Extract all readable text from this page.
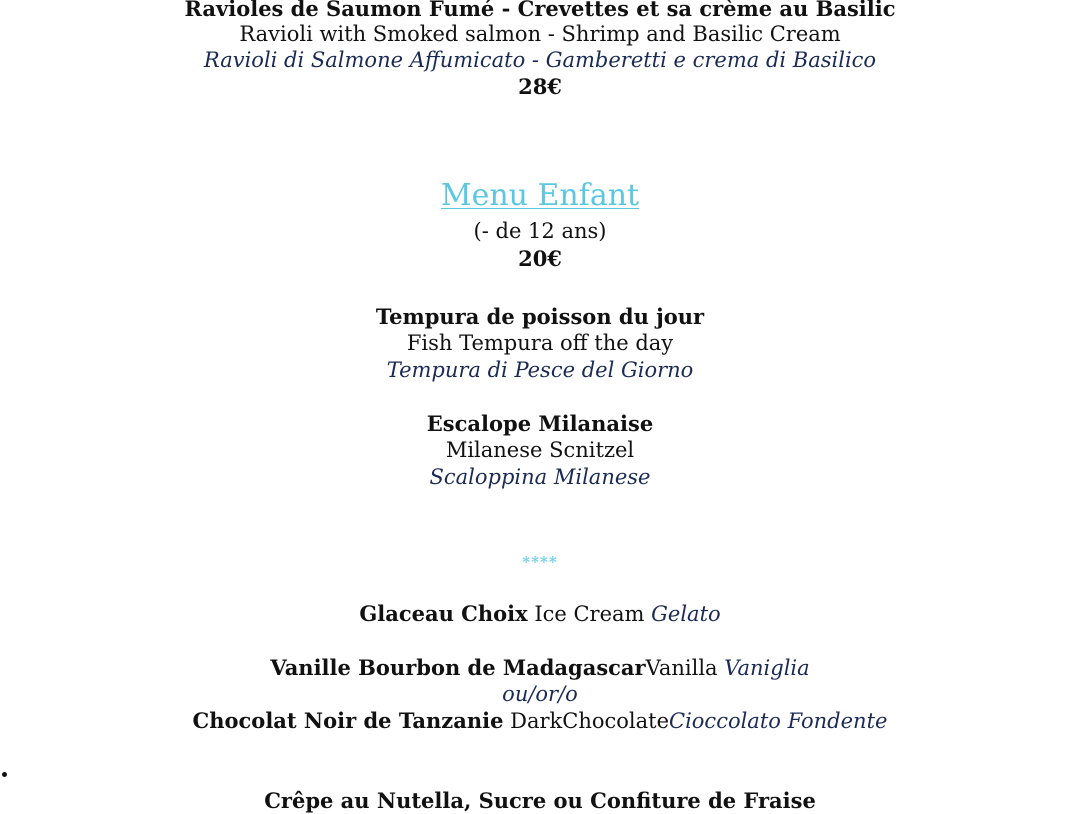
Ravioles de Saumon Fumé - Crevettes et sa crème au Basilic
Ravioli with Smoked salmon - Shrimp and Basilic Cream
Ravioli di Salmone Affumicato - Gamberetti e crema di Basilico
28€
Menu Enfant
(- de 12 ans)
20€
Tempura de poisson du jour
Fish Tempura off the day
Tempura di Pesce del Giorno
Escalope Milanaise
Milanese Scnitzel
Scaloppina Milanese
****
Glaceau Choix Ice Cream Gelato
Vanille Bourbon de MadagascarVanilla Vaniglia
ou/or/o
Chocolat Noir de Tanzanie DarkChocolateCioccolato Fondente
Crêpe au Nutella, Sucre ou Confiture de Fraise
